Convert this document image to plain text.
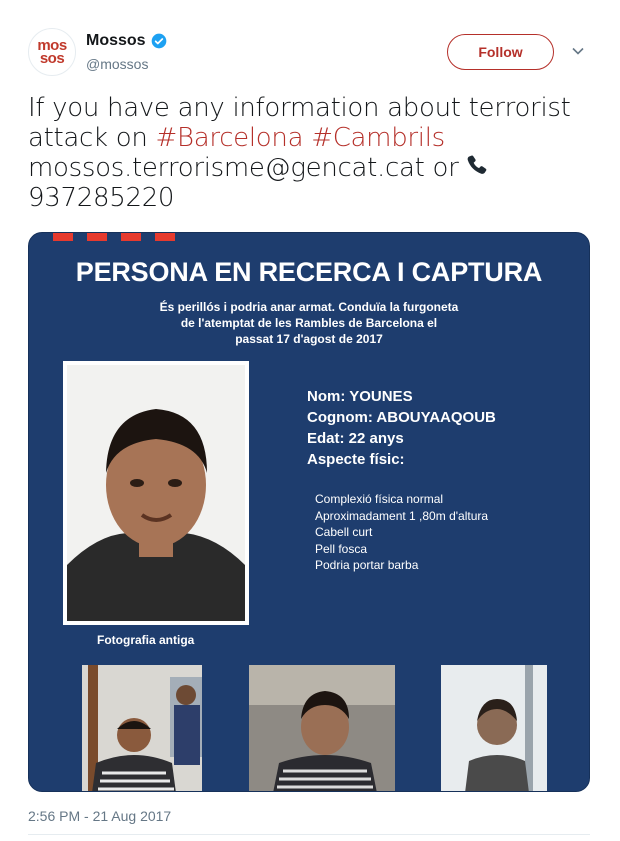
mos
sos
Mossos
@mossos
Follow
If you have any information about terrorist
attack on #Barcelona #Cambrils
mossos.terrorisme@gencat.cat or
937285220
PERSONA EN RECERCA I CAPTURA
És perillós i podria anar armat. Conduïa la furgoneta
de l'atemptat de les Rambles de Barcelona el
passat 17 d'agost de 2017
Fotografia antiga
Nom: YOUNES
Cognom: ABOUYAAQOUB
Edat: 22 anys
Aspecte físic:
Complexió física normal
Aproximadament 1 ,80m d'altura
Cabell curt
Pell fosca
Podria portar barba
2:56 PM - 21 Aug 2017
